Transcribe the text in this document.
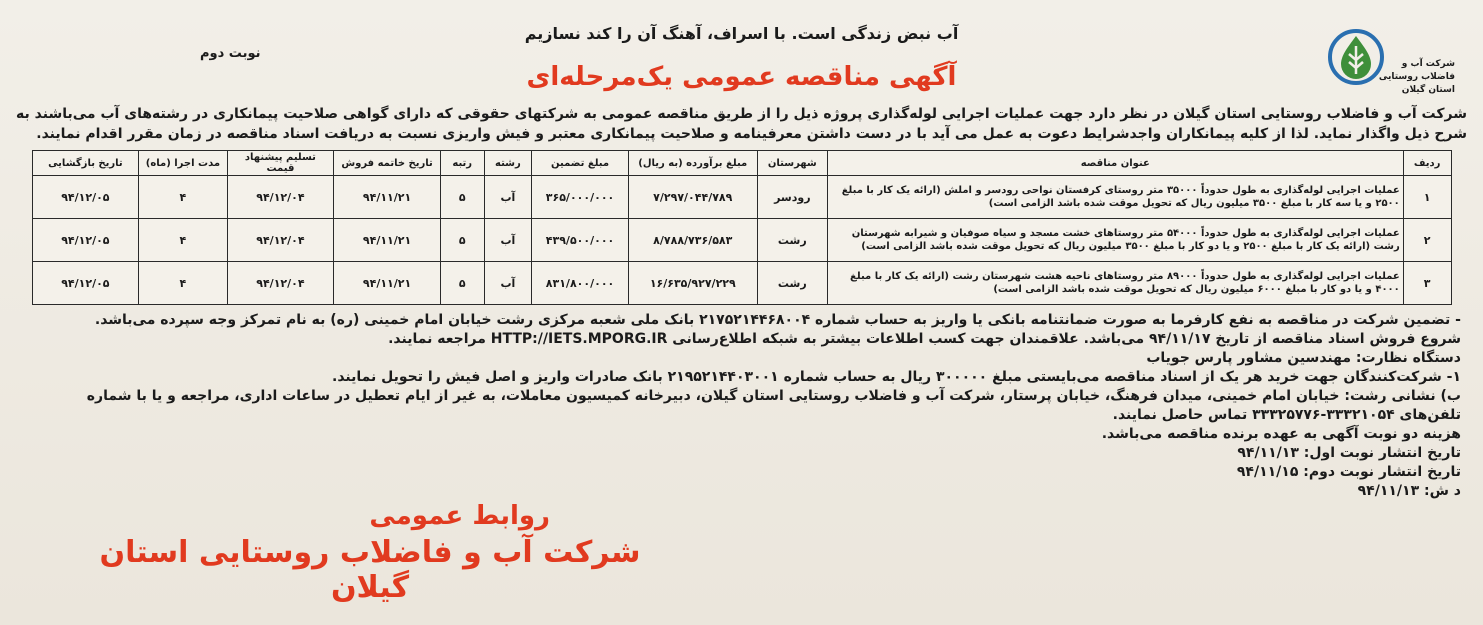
شرکت آب و فاضلاب روستایی
استان گیلان
آب نبض زندگی است. با اسراف، آهنگ آن را کند نسازیم
آگهی مناقصه عمومی یک‌مرحله‌ای
نوبت دوم
شرکت آب و فاضلاب روستایی استان گیلان در نظر دارد جهت عملیات اجرایی لوله‌گذاری پروژه ذیل را از طریق مناقصه عمومی به شرکتهای حقوقی که دارای گواهی صلاحیت پیمانکاری در رشته‌های آب می‌باشند به شرح ذیل واگذار نماید. لذا از کلیه پیمانکاران واجدشرایط دعوت به عمل می آید با در دست داشتن معرفینامه و صلاحیت پیمانکاری معتبر و فیش واریزی نسبت به دریافت اسناد مناقصه در زمان مقرر اقدام نمایند.
ردیف	عنوان مناقصه	شهرستان	مبلغ برآورده (به ریال)	مبلغ تضمین	رشته	رتبه	تاریخ خاتمه فروش	تسلیم پیشنهاد قیمت	مدت اجرا (ماه)	تاریخ بازگشایی
۱	عملیات اجرایی لوله‌گذاری به طول حدوداً ۳۵۰۰۰ متر روستای کرفستان نواحی رودسر و املش (ارائه یک کار با مبلغ ۲۵۰۰ و یا سه کار با مبلغ ۳۵۰۰ میلیون ریال که تحویل موقت شده باشد الزامی است)	رودسر	۷/۲۹۷/۰۴۴/۷۸۹	۳۶۵/۰۰۰/۰۰۰	آب	۵	۹۴/۱۱/۲۱	۹۴/۱۲/۰۴	۴	۹۴/۱۲/۰۵
۲	عملیات اجرایی لوله‌گذاری به طول حدوداً ۵۴۰۰۰ متر روستاهای خشت مسجد و سیاه صوفیان و شیرابه شهرستان رشت (ارائه یک کار با مبلغ ۲۵۰۰ و یا دو کار با مبلغ ۳۵۰۰ میلیون ریال که تحویل موقت شده باشد الزامی است)	رشت	۸/۷۸۸/۷۳۶/۵۸۳	۴۳۹/۵۰۰/۰۰۰	آب	۵	۹۴/۱۱/۲۱	۹۴/۱۲/۰۴	۴	۹۴/۱۲/۰۵
۳	عملیات اجرایی لوله‌گذاری به طول حدوداً ۸۹۰۰۰ متر روستاهای ناحیه هشت شهرستان رشت (ارائه یک کار با مبلغ ۴۰۰۰ و یا دو کار با مبلغ ۶۰۰۰ میلیون ریال که تحویل موقت شده باشد الزامی است)	رشت	۱۶/۶۳۵/۹۲۷/۲۲۹	۸۳۱/۸۰۰/۰۰۰	آب	۵	۹۴/۱۱/۲۱	۹۴/۱۲/۰۴	۴	۹۴/۱۲/۰۵

- تضمین شرکت در مناقصه به نفع کارفرما به صورت ضمانتنامه بانکی یا واریز به حساب شماره ۲۱۷۵۲۱۴۴۶۸۰۰۴ بانک ملی شعبه مرکزی رشت خیابان امام خمینی (ره) به نام تمرکز وجه سپرده می‌باشد.

شروع فروش اسناد مناقصه از تاریخ ۹۴/۱۱/۱۷ می‌باشد. علاقمندان جهت کسب اطلاعات بیشتر به شبکه اطلاع‌رسانی HTTP://IETS.MPORG.IR مراجعه نمایند.

دستگاه نظارت: مهندسین مشاور پارس جویاب

۱- شرکت‌کنندگان جهت خرید هر یک از اسناد مناقصه می‌بایستی مبلغ ۳۰۰۰۰۰ ریال به حساب شماره ۲۱۹۵۲۱۴۴۰۳۰۰۱ بانک صادرات واریز و اصل فیش را تحویل نمایند.

ب) نشانی رشت: خیابان امام خمینی، میدان فرهنگ، خیابان پرستار، شرکت آب و فاضلاب روستایی استان گیلان، دبیرخانه کمیسیون معاملات، به غیر از ایام تعطیل در ساعات اداری، مراجعه و یا با شماره تلفن‌های ۳۳۳۲۱۰۵۴-۳۳۳۲۵۷۷۶ تماس حاصل نمایند.

هزینه دو نوبت آگهی به عهده برنده مناقصه می‌باشد.

تاریخ انتشار نوبت اول: ۹۴/۱۱/۱۳

تاریخ انتشار نوبت دوم: ۹۴/۱۱/۱۵

د ش: ۹۴/۱۱/۱۳

روابط عمومی
شرکت آب و فاضلاب روستایی استان گیلان
